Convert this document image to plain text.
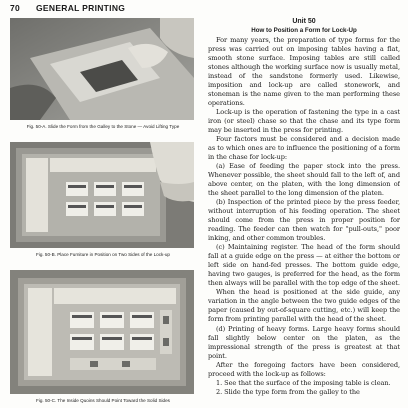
70 GENERAL PRINTING
Fig. 50-A. Slide the Form from the Galley to the Stone — Avoid Lifting Type
Fig. 50-B. Place Furniture in Position on Two Sides of the Lock-up
Fig. 50-C. The Inside Quoins Should Point Toward the Solid Sides

Unit 50

How to Position a Form for Lock-Up

For many years, the preparation of type forms for the press was carried out on imposing tables having a flat, smooth stone surface. Imposing tables are still called stones although the working surface now is usually metal, instead of the sandstone formerly used. Likewise, imposition and lock-up are called stonework, and stoneman is the name given to the man performing these operations.

Lock-up is the operation of fastening the type in a cast iron (or steel) chase so that the chase and its type form may be inserted in the press for printing.

Four factors must be considered and a decision made as to which ones are to influence the positioning of a form in the chase for lock-up:

(a) Ease of feeding the paper stock into the press. Whenever possible, the sheet should fall to the left of, and above center, on the platen, with the long dimension of the sheet parallel to the long dimension of the platen.

(b) Inspection of the printed piece by the press feeder, without interruption of his feeding operation. The sheet should come from the press in proper position for reading. The feeder can then watch for "pull-outs," poor inking, and other common troubles.

(c) Maintaining register. The head of the form should fall at a guide edge on the press — at either the bottom or left side on hand-fed presses. The bottom guide edge, having two gauges, is preferred for the head, as the form then always will be parallel with the top edge of the sheet.

When the head is positioned at the side guide, any variation in the angle between the two guide edges of the paper (caused by out-of-square cutting, etc.) will keep the form from printing parallel with the head of the sheet.

(d) Printing of heavy forms. Large heavy forms should fall slightly below center on the platen, as the impressional strength of the press is greatest at that point.

After the foregoing factors have been considered, proceed with the lock-up as follows:

1. See that the surface of the imposing table is clean.

2. Slide the type form from the galley to the
